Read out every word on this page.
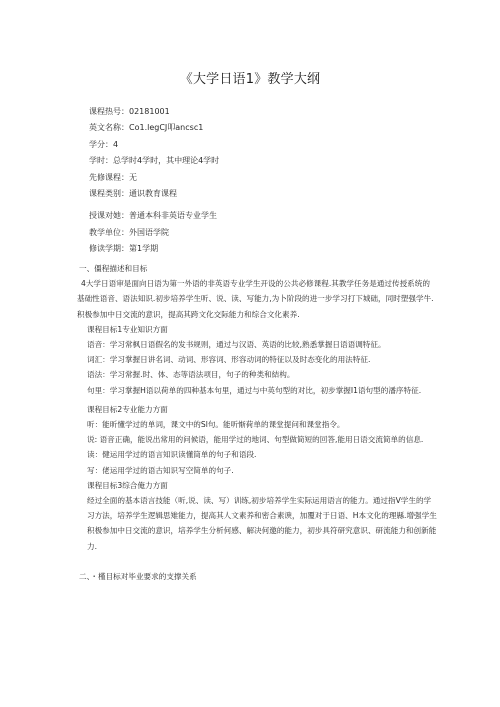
《大学日语1》教学大纲
课程热号：02181001
英文名称：Co1.legCJ叩ancsc1
学分：4
学时：总学时4学时，其中理论4学时
先修课程：无
课程类别：通识教育课程
授课对她：普通本科非英语专业学生
教学单位：外国语学院
修读学期：第1学期

一、僵程描述和目标

4大学日语审是面向日语为第一外语的非英语专业学生开设的公共必修课程.其教学任务是通过传授系统的基础性语音、语法知识.初步培养学生听、说、读、写能力,为卜阶段的进一步学习打下城础，同时塑强学牛.积极参加中日交流的意识，提高其跨文化交际能力和综合文化素养.

课程目标1专业知识方面

语音：学习常枫日语假名的发书规则，通过与汉语、英语的比较,熟悉掌握日语语调特征。

词汇：学习掌握日讲名词、动词、形容词、形容动词的特征以及时态变化的用法特征.

语法：学习常握.时、体、态等语法项目，句子的种类和結构。

句里：学习掌握H语以荷单的四种基本句里，通过与中英句型的对比，初步掌握I1语句型的潘序特征.

课程目标2专业能力方面

听：能昕懂学过的单词，课文中的Sl句。能听惭荷单的课堂提问和课堂指令。

说: 语音正确，能说出常用的问候语，能用学过的地词、句型做简短的回答,能用日语交流简单的信息.

读：健运用学过的语言知识读懂筒单的句子和语段.

写：佬运用学过的语古知识写空简单的句子.

课程目标3综合俺力方面

经过全面的基本语言技能（听,说、读、写）训练,初步培养学生实际运用语言的能力。通过指V学生的学习方法，培养学生逻辑思雉能力，提高其人文素养和密合素谀，加覆对于日语、H本文化的理縣.增强学生积极参加中日交流的意识，培养学生分析何感、解决何邀的能力，初步具符研究意识、研流能力和创新能力.

二、・槿目标对毕业要求的支撑关系
